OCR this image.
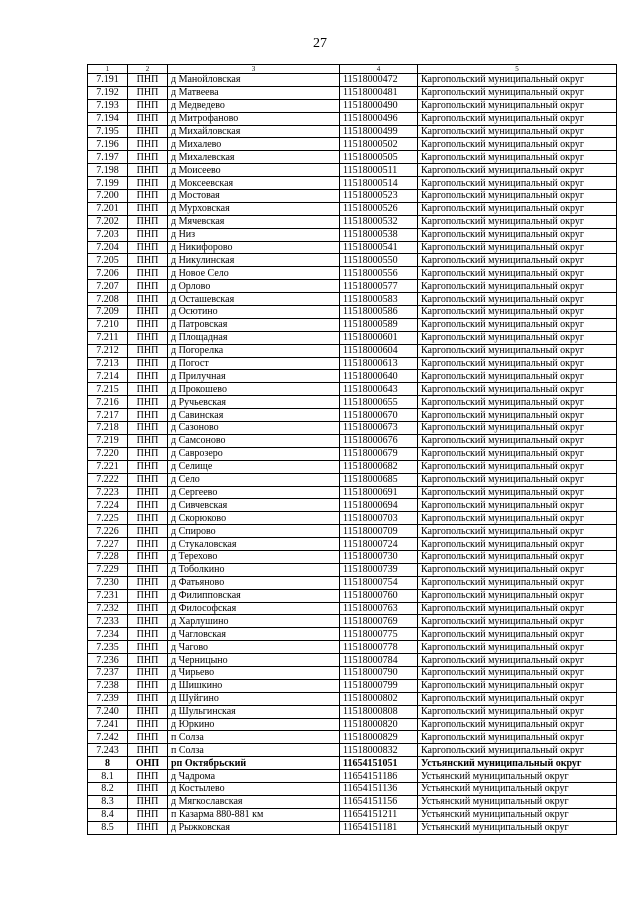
27
1	2	3	4	5
7.191	ПНП	д Манойловская	11518000472	Каргопольский муниципальный округ
7.192	ПНП	д Матвеева	11518000481	Каргопольский муниципальный округ
7.193	ПНП	д Медведево	11518000490	Каргопольский муниципальный округ
7.194	ПНП	д Митрофаново	11518000496	Каргопольский муниципальный округ
7.195	ПНП	д Михайловская	11518000499	Каргопольский муниципальный округ
7.196	ПНП	д Михалево	11518000502	Каргопольский муниципальный округ
7.197	ПНП	д Михалевская	11518000505	Каргопольский муниципальный округ
7.198	ПНП	д Моисеево	11518000511	Каргопольский муниципальный округ
7.199	ПНП	д Моксеевская	11518000514	Каргопольский муниципальный округ
7.200	ПНП	д Мостовая	11518000523	Каргопольский муниципальный округ
7.201	ПНП	д Мурховская	11518000526	Каргопольский муниципальный округ
7.202	ПНП	д Мячевская	11518000532	Каргопольский муниципальный округ
7.203	ПНП	д Низ	11518000538	Каргопольский муниципальный округ
7.204	ПНП	д Никифорово	11518000541	Каргопольский муниципальный округ
7.205	ПНП	д Никулинская	11518000550	Каргопольский муниципальный округ
7.206	ПНП	д Новое Село	11518000556	Каргопольский муниципальный округ
7.207	ПНП	д Орлово	11518000577	Каргопольский муниципальный округ
7.208	ПНП	д Осташевская	11518000583	Каргопольский муниципальный округ
7.209	ПНП	д Осютино	11518000586	Каргопольский муниципальный округ
7.210	ПНП	д Патровская	11518000589	Каргопольский муниципальный округ
7.211	ПНП	д Площадная	11518000601	Каргопольский муниципальный округ
7.212	ПНП	д Погорелка	11518000604	Каргопольский муниципальный округ
7.213	ПНП	д Погост	11518000613	Каргопольский муниципальный округ
7.214	ПНП	д Прилучная	11518000640	Каргопольский муниципальный округ
7.215	ПНП	д Прокошево	11518000643	Каргопольский муниципальный округ
7.216	ПНП	д Ручьевская	11518000655	Каргопольский муниципальный округ
7.217	ПНП	д Савинская	11518000670	Каргопольский муниципальный округ
7.218	ПНП	д Сазоново	11518000673	Каргопольский муниципальный округ
7.219	ПНП	д Самсоново	11518000676	Каргопольский муниципальный округ
7.220	ПНП	д Саврозеро	11518000679	Каргопольский муниципальный округ
7.221	ПНП	д Селище	11518000682	Каргопольский муниципальный округ
7.222	ПНП	д Село	11518000685	Каргопольский муниципальный округ
7.223	ПНП	д Сергеево	11518000691	Каргопольский муниципальный округ
7.224	ПНП	д Сивчевская	11518000694	Каргопольский муниципальный округ
7.225	ПНП	д Скорюково	11518000703	Каргопольский муниципальный округ
7.226	ПНП	д Спирово	11518000709	Каргопольский муниципальный округ
7.227	ПНП	д Стукаловская	11518000724	Каргопольский муниципальный округ
7.228	ПНП	д Терехово	11518000730	Каргопольский муниципальный округ
7.229	ПНП	д Тоболкино	11518000739	Каргопольский муниципальный округ
7.230	ПНП	д Фатьяново	11518000754	Каргопольский муниципальный округ
7.231	ПНП	д Филипповская	11518000760	Каргопольский муниципальный округ
7.232	ПНП	д Философская	11518000763	Каргопольский муниципальный округ
7.233	ПНП	д Харлушино	11518000769	Каргопольский муниципальный округ
7.234	ПНП	д Чагловская	11518000775	Каргопольский муниципальный округ
7.235	ПНП	д Чагово	11518000778	Каргопольский муниципальный округ
7.236	ПНП	д Черницыно	11518000784	Каргопольский муниципальный округ
7.237	ПНП	д Чирьево	11518000790	Каргопольский муниципальный округ
7.238	ПНП	д Шишкино	11518000799	Каргопольский муниципальный округ
7.239	ПНП	д Шуйгино	11518000802	Каргопольский муниципальный округ
7.240	ПНП	д Шульгинская	11518000808	Каргопольский муниципальный округ
7.241	ПНП	д Юркино	11518000820	Каргопольский муниципальный округ
7.242	ПНП	п Солза	11518000829	Каргопольский муниципальный округ
7.243	ПНП	п Солза	11518000832	Каргопольский муниципальный округ
8	ОНП	рп Октябрьский	11654151051	Устьянский муниципальный округ
8.1	ПНП	д Чадрома	11654151186	Устьянский муниципальный округ
8.2	ПНП	д Костылево	11654151136	Устьянский муниципальный округ
8.3	ПНП	д Мягкославская	11654151156	Устьянский муниципальный округ
8.4	ПНП	п Казарма 880-881 км	11654151211	Устьянский муниципальный округ
8.5	ПНП	д Рыжковская	11654151181	Устьянский муниципальный округ
